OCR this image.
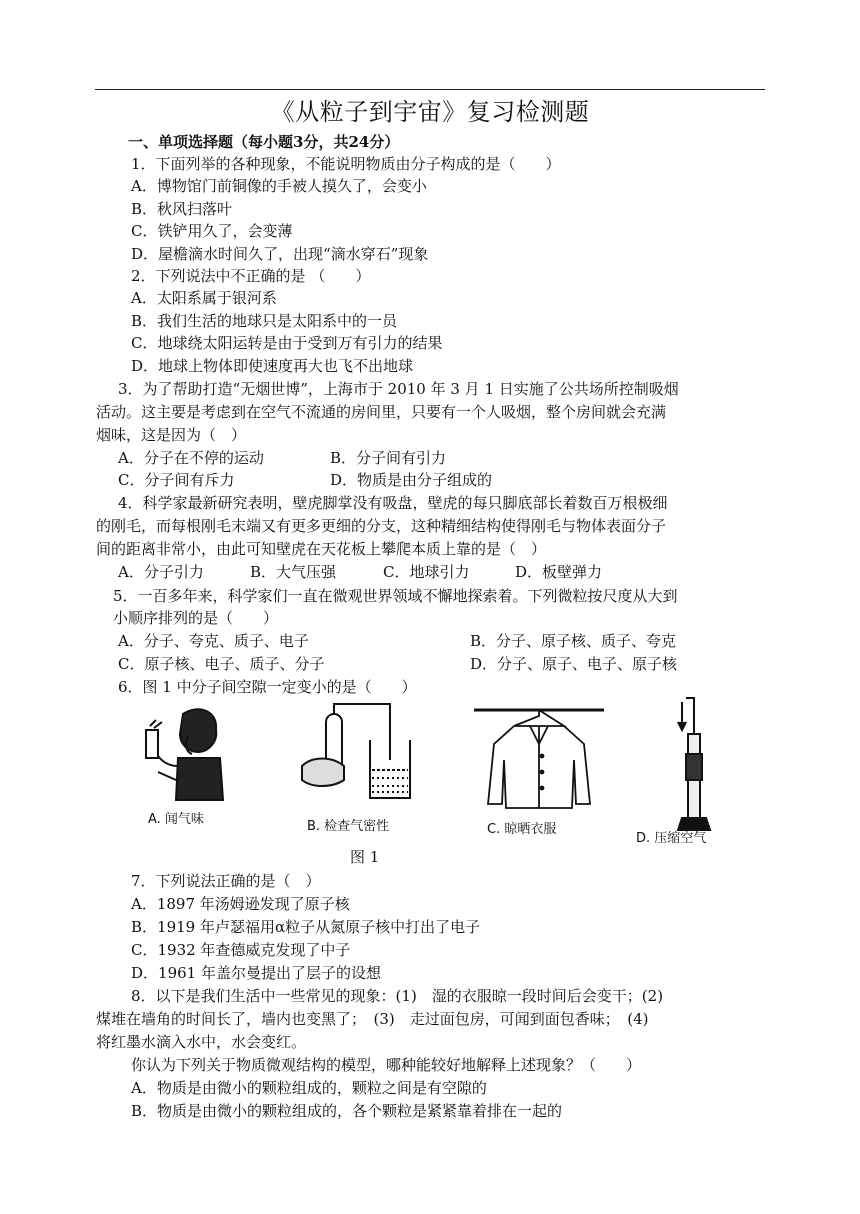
《从粒子到宇宙》复习检测题
一、单项选择题（每小题3分，共24分）
1．下面列举的各种现象，不能说明物质由分子构成的是（　　）
A．博物馆门前铜像的手被人摸久了，会变小
B．秋风扫落叶
C．铁铲用久了，会变薄
D．屋檐滴水时间久了，出现“滴水穿石”现象
2．下列说法中不正确的是 （　　）
A．太阳系属于银河系
B．我们生活的地球只是太阳系中的一员
C．地球绕太阳运转是由于受到万有引力的结果
D．地球上物体即使速度再大也飞不出地球
3．为了帮助打造“无烟世博”，上海市于 2010 年 3 月 1 日实施了公共场所控制吸烟
活动。这主要是考虑到在空气不流通的房间里，只要有一个人吸烟，整个房间就会充满
烟味，这是因为（　）
A．分子在不停的运动	B．分子间有引力
C．分子间有斥力	D．物质是由分子组成的
4．科学家最新研究表明，壁虎脚掌没有吸盘，壁虎的每只脚底部长着数百万根极细
的刚毛，而每根刚毛末端又有更多更细的分支，这种精细结构使得刚毛与物体表面分子
间的距离非常小，由此可知壁虎在天花板上攀爬本质上靠的是（　）
A．分子引力	B．大气压强	C．地球引力	D．板壁弹力
5．一百多年来，科学家们一直在微观世界领域不懈地探索着。下列微粒按尺度从大到
小顺序排列的是（　　）
A．分子、夸克、质子、电子	B．分子、原子核、质子、夸克
C．原子核、电子、质子、分子	D．分子、原子、电子、原子核
6．图 1 中分子间空隙一定变小的是（　　）
A. 闻气味	B. 检查气密性	C. 晾晒衣服
D. 压缩空气
图 1
7．下列说法正确的是（　）
A．1897 年汤姆逊发现了原子核
B．1919 年卢瑟福用α粒子从氮原子核中打出了电子
C．1932 年查德威克发现了中子
D．1961 年盖尔曼提出了层子的设想
8．以下是我们生活中一些常见的现象：(1)　湿的衣服晾一段时间后会变干；(2)
煤堆在墙角的时间长了，墙内也变黑了；　(3)　走过面包房，可闻到面包香味；　(4)
将红墨水滴入水中，水会变红。
你认为下列关于物质微观结构的模型，哪种能较好地解释上述现象？（　　）
A．物质是由微小的颗粒组成的，颗粒之间是有空隙的
B．物质是由微小的颗粒组成的，各个颗粒是紧紧靠着排在一起的
